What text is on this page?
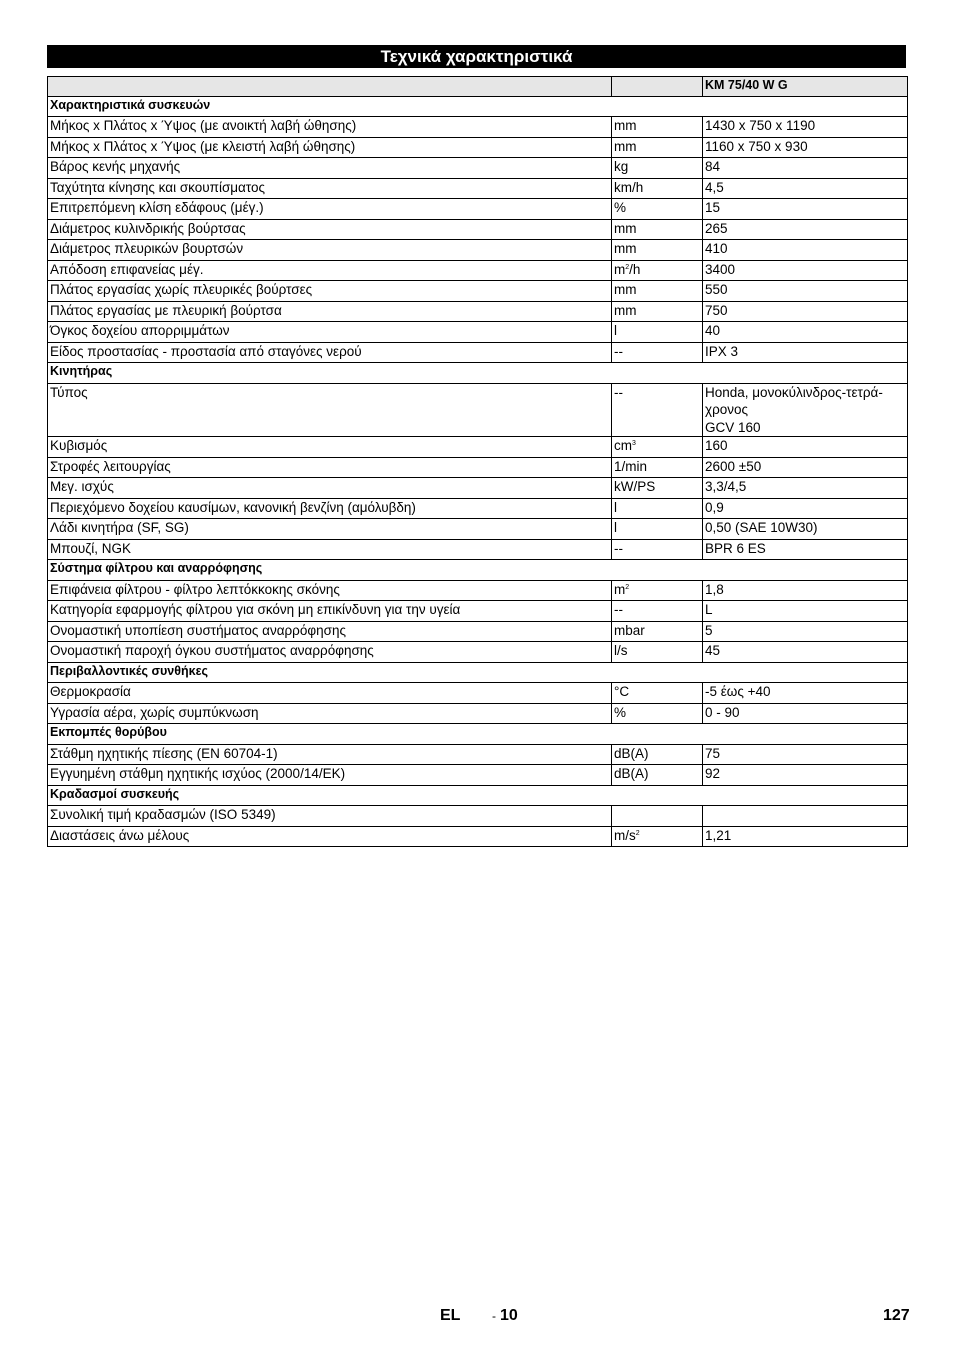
Τεχνικά χαρακτηριστικά
		KM 75/40 W G
Χαρακτηριστικά συσκευών		
Μήκος x Πλάτος x Ύψος (με ανοικτή λαβή ώθησης)	mm	1430 x 750 x 1190
Μήκος x Πλάτος x Ύψος (με κλειστή λαβή ώθησης)	mm	1160 x 750 x 930
Βάρος κενής μηχανής	kg	84
Ταχύτητα κίνησης και σκουπίσματος	km/h	4,5
Επιτρεπόμενη κλίση εδάφους (μέγ.)	%	15
Διάμετρος κυλινδρικής βούρτσας	mm	265
Διάμετρος πλευρικών βουρτσών	mm	410
Απόδοση επιφανείας μέγ.	$m^2/h$	3400
Πλάτος εργασίας χωρίς πλευρικές βούρτσες	mm	550
Πλάτος εργασίας με πλευρική βούρτσα	mm	750
Όγκος δοχείου απορριμμάτων	l	40
Είδος προστασίας - προστασία από σταγόνες νερού	--	IPX 3
Κινητήρας		
Τύπος	--	Honda, μονοκύλινδρος-τετρά-χρονος
GCV 160

Κυβισμός	$cm^3$	160
Στροφές λειτουργίας	1/min	2600 ±50
Μεγ. ισχύς	kW/PS	3,3/4,5
Περιεχόμενο δοχείου καυσίμων, κανονική βενζίνη (αμόλυβδη)	l	0,9
Λάδι κινητήρα (SF, SG)	l	0,50 (SAE 10W30)
Μπουζί, NGK	--	BPR 6 ES
Σύστημα φίλτρου και αναρρόφησης		
Επιφάνεια φίλτρου - φίλτρο λεπτόκκοκης σκόνης	$m^2$	1,8
Κατηγορία εφαρμογής φίλτρου για σκόνη μη επικίνδυνη για την υγεία	--	L
Ονομαστική υποπίεση συστήματος αναρρόφησης	mbar	5
Ονομαστική παροχή όγκου συστήματος αναρρόφησης	l/s	45
Περιβαλλοντικές συνθήκες		
Θερμοκρασία	°C	-5 έως +40
Υγρασία αέρα, χωρίς συμπύκνωση	%	0 - 90
Εκπομπές θορύβου		
Στάθμη ηχητικής πίεσης (EN 60704-1)	dB(A)	75
Εγγυημένη στάθμη ηχητικής ισχύος (2000/14/EK)	dB(A)	92
Κραδασμοί συσκευής		
Συνολική τιμή κραδασμών (ISO 5349)		
Διαστάσεις άνω μέλους	$m/s^2$	1,21
EL	- 10	127
